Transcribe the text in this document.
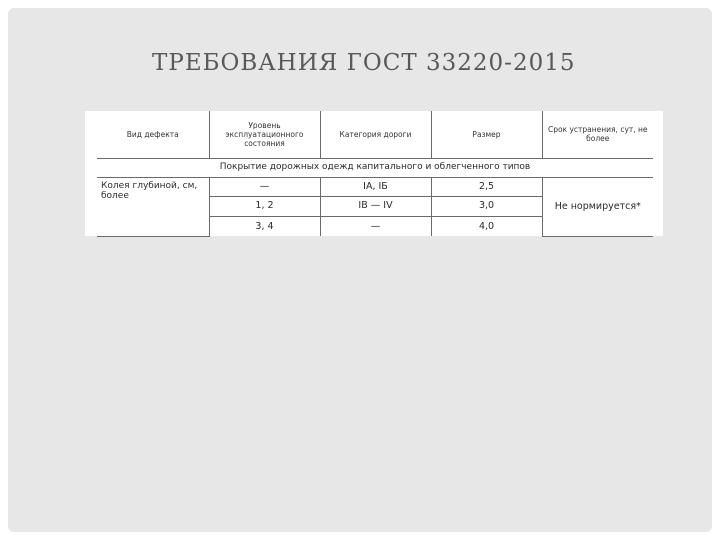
ТРЕБОВАНИЯ ГОСТ 33220-2015
Вид дефекта	Уровень эксплуатационного состояния	Категория дороги	Размер	Срок устранения, сут, не более
Покрытие дорожных одежд капитального и облегченного типов				
Колея глубиной, см, более	—	IA, IБ	2,5	Не нормируется*
	1, 2	IB — IV	3,0	
	3, 4	—	4,0	
